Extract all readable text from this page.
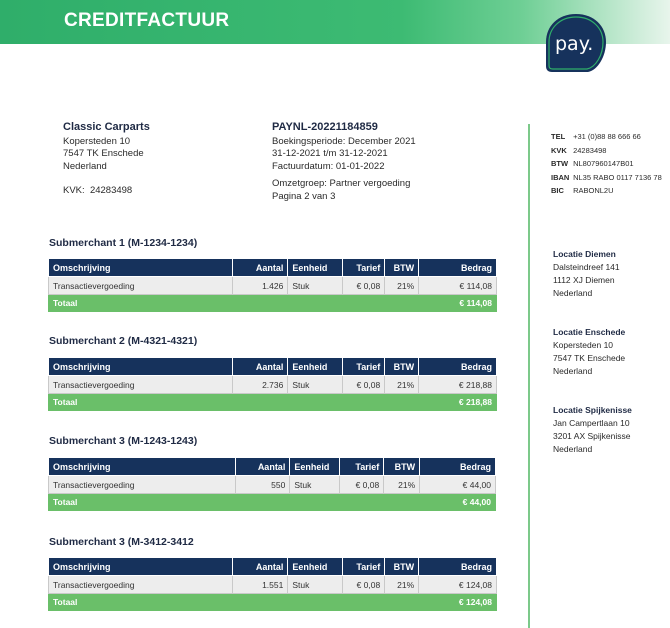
CREDITFACTUUR
pay.
Classic Carparts
Kopersteden 10
7547 TK Enschede
Nederland
KVK: 24283498
PAYNL-20221184859
Boekingsperiode: December 2021
31-12-2021 t/m 31-12-2021
Factuurdatum: 01-01-2022
Omzetgroep: Partner vergoeding
Pagina 2 van 3
TEL +31 (0)88 88 666 66
KVK 24283498
BTW NL807960147B01
IBAN NL35 RABO 0117 7136 78
BIC RABONL2U
Locatie Diemen
Dalsteindreef 141
1112 XJ Diemen
Nederland
Locatie Enschede
Kopersteden 10
7547 TK Enschede
Nederland
Locatie Spijkenisse
Jan Campertlaan 10
3201 AX Spijkenisse
Nederland
Submerchant 1 (M-1234-1234)
Omschrijving	Aantal	Eenheid	Tarief	BTW	Bedrag
Transactievergoeding	1.426	Stuk	€ 0,08	21%	€ 114,08
Totaal					€ 114,08
Submerchant 2 (M-4321-4321)
Omschrijving	Aantal	Eenheid	Tarief	BTW	Bedrag
Transactievergoeding	2.736	Stuk	€ 0,08	21%	€ 218,88
Totaal					€ 218,88
Submerchant 3 (M-1243-1243)
Omschrijving	Aantal	Eenheid	Tarief	BTW	Bedrag
Transactievergoeding	550	Stuk	€ 0,08	21%	€ 44,00
Totaal					€ 44,00
Submerchant 3 (M-3412-3412
Omschrijving	Aantal	Eenheid	Tarief	BTW	Bedrag
Transactievergoeding	1.551	Stuk	€ 0,08	21%	€ 124,08
Totaal					€ 124,08
